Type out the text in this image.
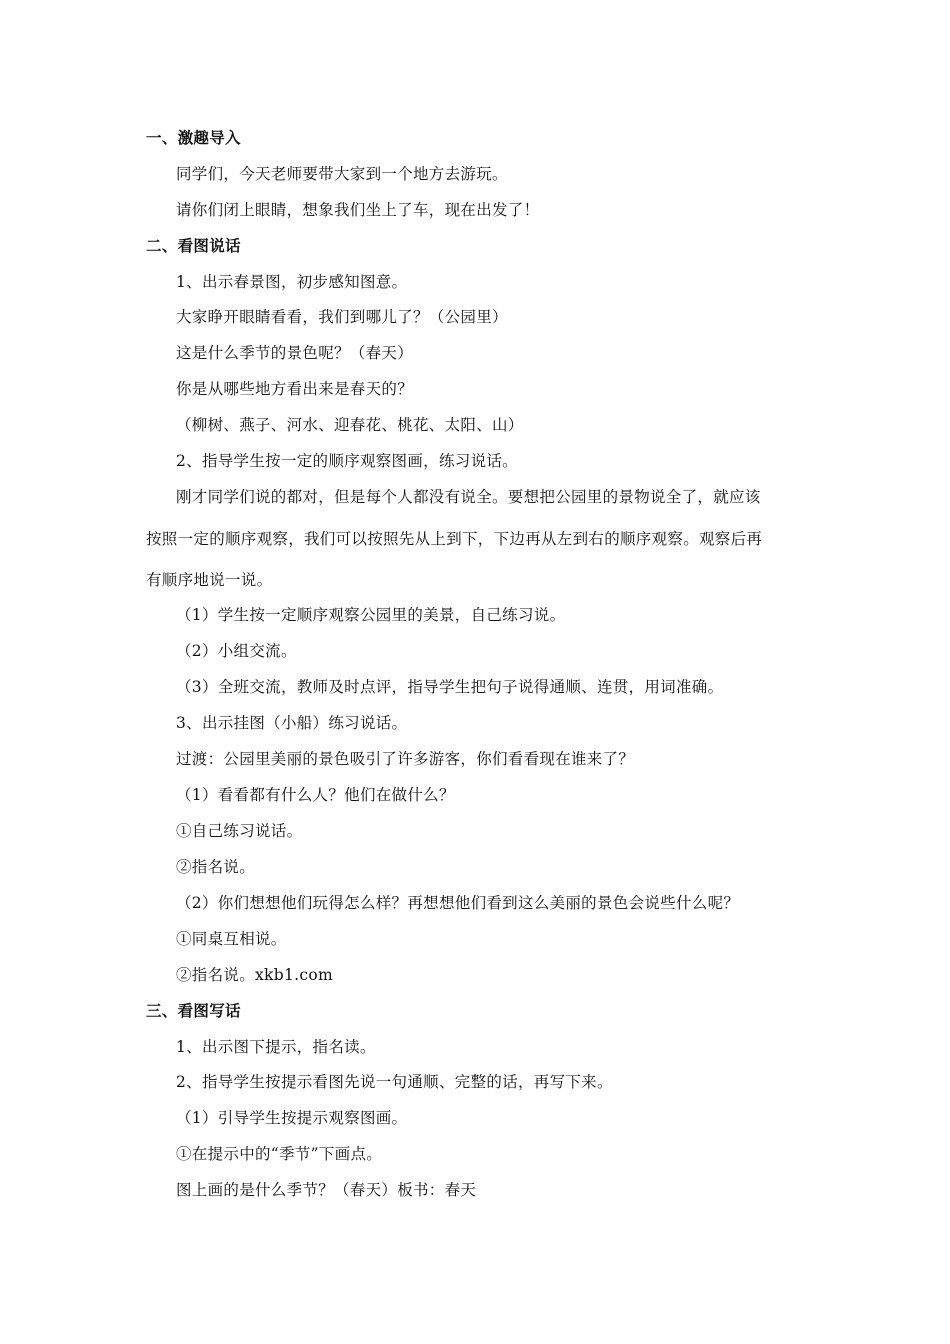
一、激趣导入
同学们，今天老师要带大家到一个地方去游玩。
请你们闭上眼睛，想象我们坐上了车，现在出发了！
二、看图说话
1、出示春景图，初步感知图意。
大家睁开眼睛看看，我们到哪儿了？（公园里）
这是什么季节的景色呢？（春天）
你是从哪些地方看出来是春天的？
（柳树、燕子、河水、迎春花、桃花、太阳、山）
2、指导学生按一定的顺序观察图画，练习说话。
刚才同学们说的都对，但是每个人都没有说全。要想把公园里的景物说全了，就应该
按照一定的顺序观察，我们可以按照先从上到下，下边再从左到右的顺序观察。观察后再
有顺序地说一说。
（1）学生按一定顺序观察公园里的美景，自己练习说。
（2）小组交流。
（3）全班交流，教师及时点评，指导学生把句子说得通顺、连贯，用词准确。
3、出示挂图（小船）练习说话。
过渡：公园里美丽的景色吸引了许多游客，你们看看现在谁来了？
（1）看看都有什么人？他们在做什么？
①自己练习说话。
②指名说。
（2）你们想想他们玩得怎么样？再想想他们看到这么美丽的景色会说些什么呢？
①同桌互相说。
②指名说。xkb1.com
三、看图写话
1、出示图下提示，指名读。
2、指导学生按提示看图先说一句通顺、完整的话，再写下来。
（1）引导学生按提示观察图画。
①在提示中的“季节”下画点。
图上画的是什么季节？（春天）板书：春天
